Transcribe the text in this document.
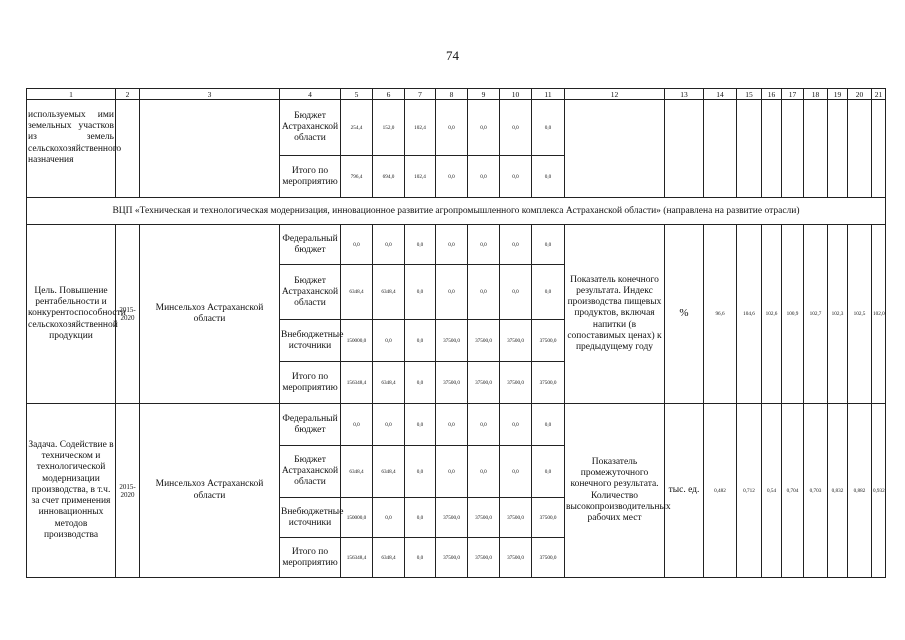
74
1	2	3	4	5	6	7	8	9	10	11	12	13	14	15	16	17	18	19	20	21
используемых ими земельных участков из земель сельскохозяйственного назначения			Бюджет Астраханской области	254,4	152,0	102,4	0,0	0,0	0,0	0,0										
			Итого по мероприятию	796,4	694,0	102,4	0,0	0,0	0,0	0,0										
ВЦП «Техническая и технологическая модернизация, инновационное развитие агропромышленного комплекса Астраханской области» (направлена на развитие отрасли)																				
Цель. Повышение рентабельности и конкурентоспособности сельскохозяйственной продукции	2015-2020	Минсельхоз Астраханской области	Федеральный бюджет	0,0	0,0	0,0	0,0	0,0	0,0	0,0	Показатель конечного результата. Индекс производства пищевых продуктов, включая напитки (в сопоставимых ценах) к предыдущему году	%	96,6	104,6	102,6	100,9	102,7	102,3	102,5	102,0
			Бюджет Астраханской области	6348,4	6348,4	0,0	0,0	0,0	0,0	0,0										
			Внебюджетные источники	150000,0	0,0	0,0	37500,0	37500,0	37500,0	37500,0										
			Итого по мероприятию	156348,4	6348,4	0,0	37500,0	37500,0	37500,0	37500,0										
Задача. Содействие в техническом и технологической модернизации производства, в т.ч. за счет применения инновационных методов производства	2015-2020	Минсельхоз Астраханской области	Федеральный бюджет	0,0	0,0	0,0	0,0	0,0	0,0	0,0	Показатель промежуточного конечного результата. Количество высокопроизводительных рабочих мест	тыс. ед.	0,482	0,712	0,54	0,704	0,703	0,832	0,882	0,932
			Бюджет Астраханской области	6348,4	6348,4	0,0	0,0	0,0	0,0	0,0										
			Внебюджетные источники	150000,0	0,0	0,0	37500,0	37500,0	37500,0	37500,0										
			Итого по мероприятию	156348,4	6348,4	0,0	37500,0	37500,0	37500,0	37500,0										
